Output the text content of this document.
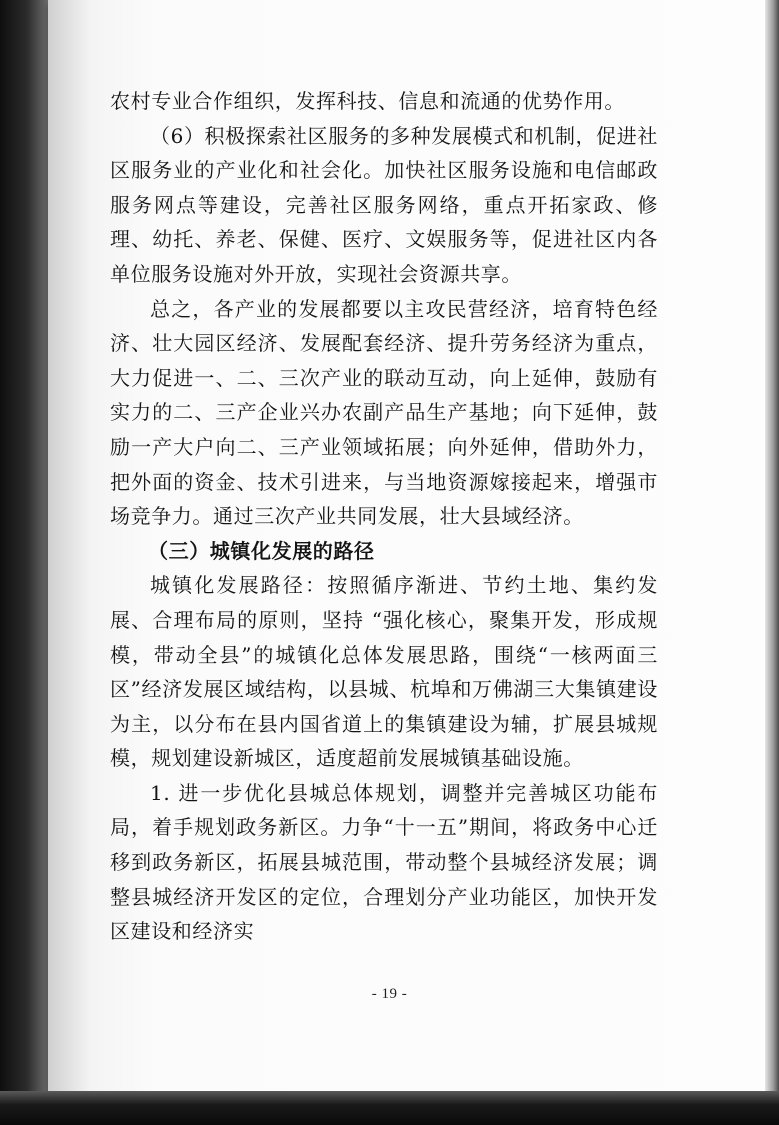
农村专业合作组织，发挥科技、信息和流通的优势作用。

（6）积极探索社区服务的多种发展模式和机制，促进社区服务业的产业化和社会化。加快社区服务设施和电信邮政服务网点等建设，完善社区服务网络，重点开拓家政、修理、幼托、养老、保健、医疗、文娱服务等，促进社区内各单位服务设施对外开放，实现社会资源共享。

总之，各产业的发展都要以主攻民营经济，培育特色经济、壮大园区经济、发展配套经济、提升劳务经济为重点，大力促进一、二、三次产业的联动互动，向上延伸，鼓励有实力的二、三产企业兴办农副产品生产基地；向下延伸，鼓励一产大户向二、三产业领域拓展；向外延伸，借助外力，把外面的资金、技术引进来，与当地资源嫁接起来，增强市场竞争力。通过三次产业共同发展，壮大县域经济。

（三）城镇化发展的路径

城镇化发展路径：按照循序渐进、节约土地、集约发展、合理布局的原则，坚持 “强化核心，聚集开发，形成规模，带动全县”的城镇化总体发展思路，围绕“一核两面三区”经济发展区域结构，以县城、杭埠和万佛湖三大集镇建设为主，以分布在县内国省道上的集镇建设为辅，扩展县城规模，规划建设新城区，适度超前发展城镇基础设施。

1. 进一步优化县城总体规划，调整并完善城区功能布局，着手规划政务新区。力争“十一五”期间，将政务中心迁移到政务新区，拓展县城范围，带动整个县城经济发展；调整县城经济开发区的定位，合理划分产业功能区，加快开发区建设和经济实

- 19 -
